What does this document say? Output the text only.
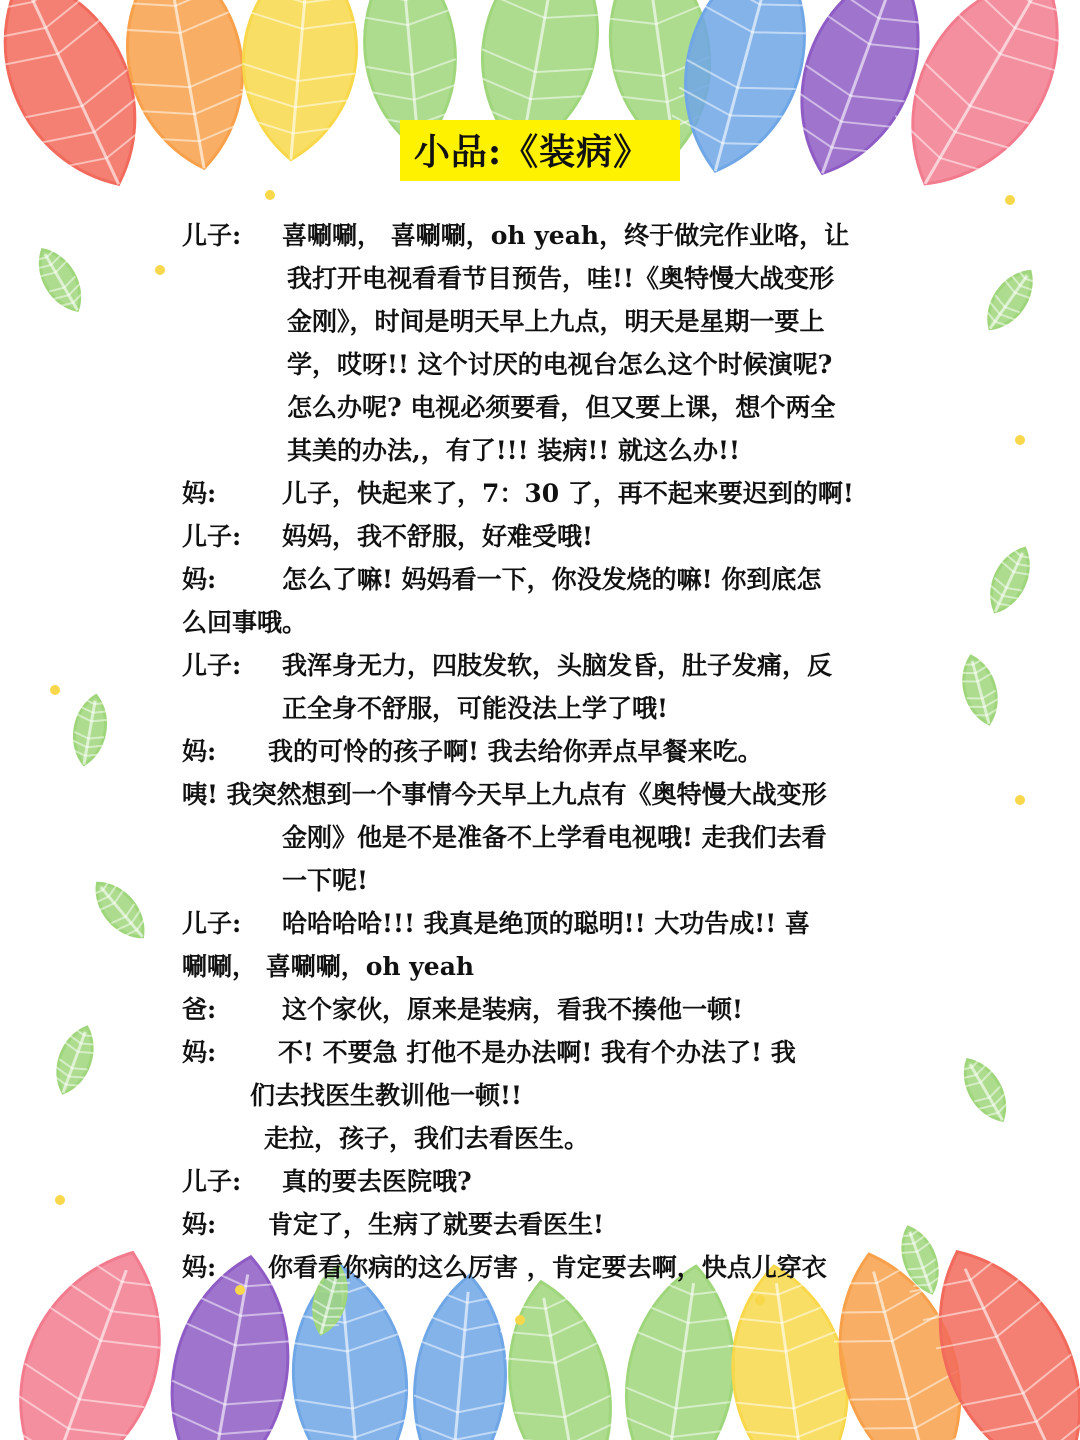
小品:《装病》
儿子: 喜唰唰， 喜唰唰，oh yeah，终于做完作业咯，让
我打开电视看看节目预告，哇!!《奥特慢大战变形
金刚》，时间是明天早上九点，明天是星期一要上
学，哎呀!! 这个讨厌的电视台怎么这个时候演呢?
怎么办呢? 电视必须要看，但又要上课，想个两全
其美的办法,，有了!!! 装病!! 就这么办!!
妈:	儿子，快起来了，7：30 了，再不起来要迟到的啊!
儿子: 妈妈，我不舒服，好难受哦!
妈:	怎么了嘛! 妈妈看一下，你没发烧的嘛! 你到底怎
么回事哦。
儿子: 我浑身无力，四肢发软，头脑发昏，肚子发痛，反
正全身不舒服，可能没法上学了哦!
妈: 我的可怜的孩子啊! 我去给你弄点早餐来吃。
咦! 我突然想到一个事情今天早上九点有《奥特慢大战变形
金刚》他是不是准备不上学看电视哦! 走我们去看
一下呢!
儿子: 哈哈哈哈!!! 我真是绝顶的聪明!! 大功告成!! 喜
唰唰， 喜唰唰，oh yeah
爸:	这个家伙，原来是装病，看我不揍他一顿!
妈: 不! 不要急 打他不是办法啊! 我有个办法了! 我
们去找医生教训他一顿!!
走拉，孩子，我们去看医生。
儿子: 真的要去医院哦?
妈: 肯定了，生病了就要去看医生!
妈: 你看看你病的这么厉害 ，肯定要去啊，快点儿穿衣
